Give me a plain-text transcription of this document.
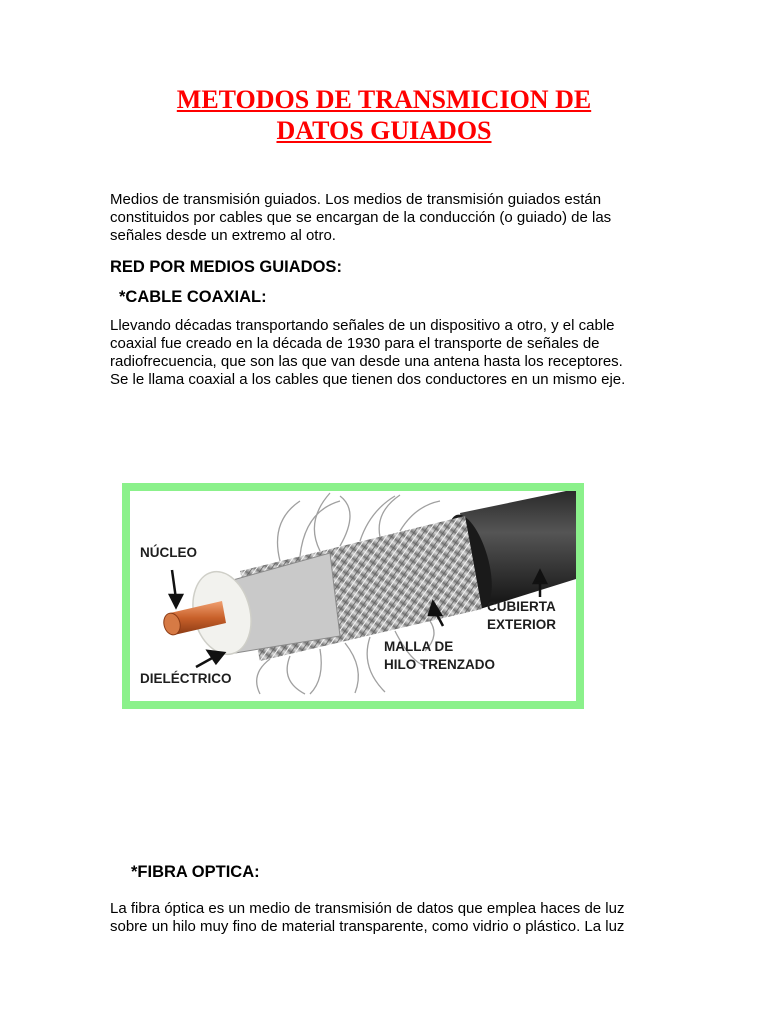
METODOS DE TRANSMICION DE
DATOS GUIADOS
Medios de transmisión guiados. Los medios de transmisión guiados están
constituidos por cables que se encargan de la conducción (o guiado) de las
señales desde un extremo al otro.
RED POR MEDIOS GUIADOS:
*CABLE COAXIAL:
Llevando décadas transportando señales de un dispositivo a otro, y el cable
coaxial fue creado en la década de 1930 para el transporte de señales de
radiofrecuencia, que son las que van desde una antena hasta los receptores.
Se le llama coaxial a los cables que tienen dos conductores en un mismo eje.
NÚCLEO
DIELÉCTRICO
MALLA DE
HILO TRENZADO
CUBIERTA
EXTERIOR
*FIBRA OPTICA:
La fibra óptica es un medio de transmisión de datos que emplea haces de luz
sobre un hilo muy fino de material transparente, como vidrio o plástico. La luz
